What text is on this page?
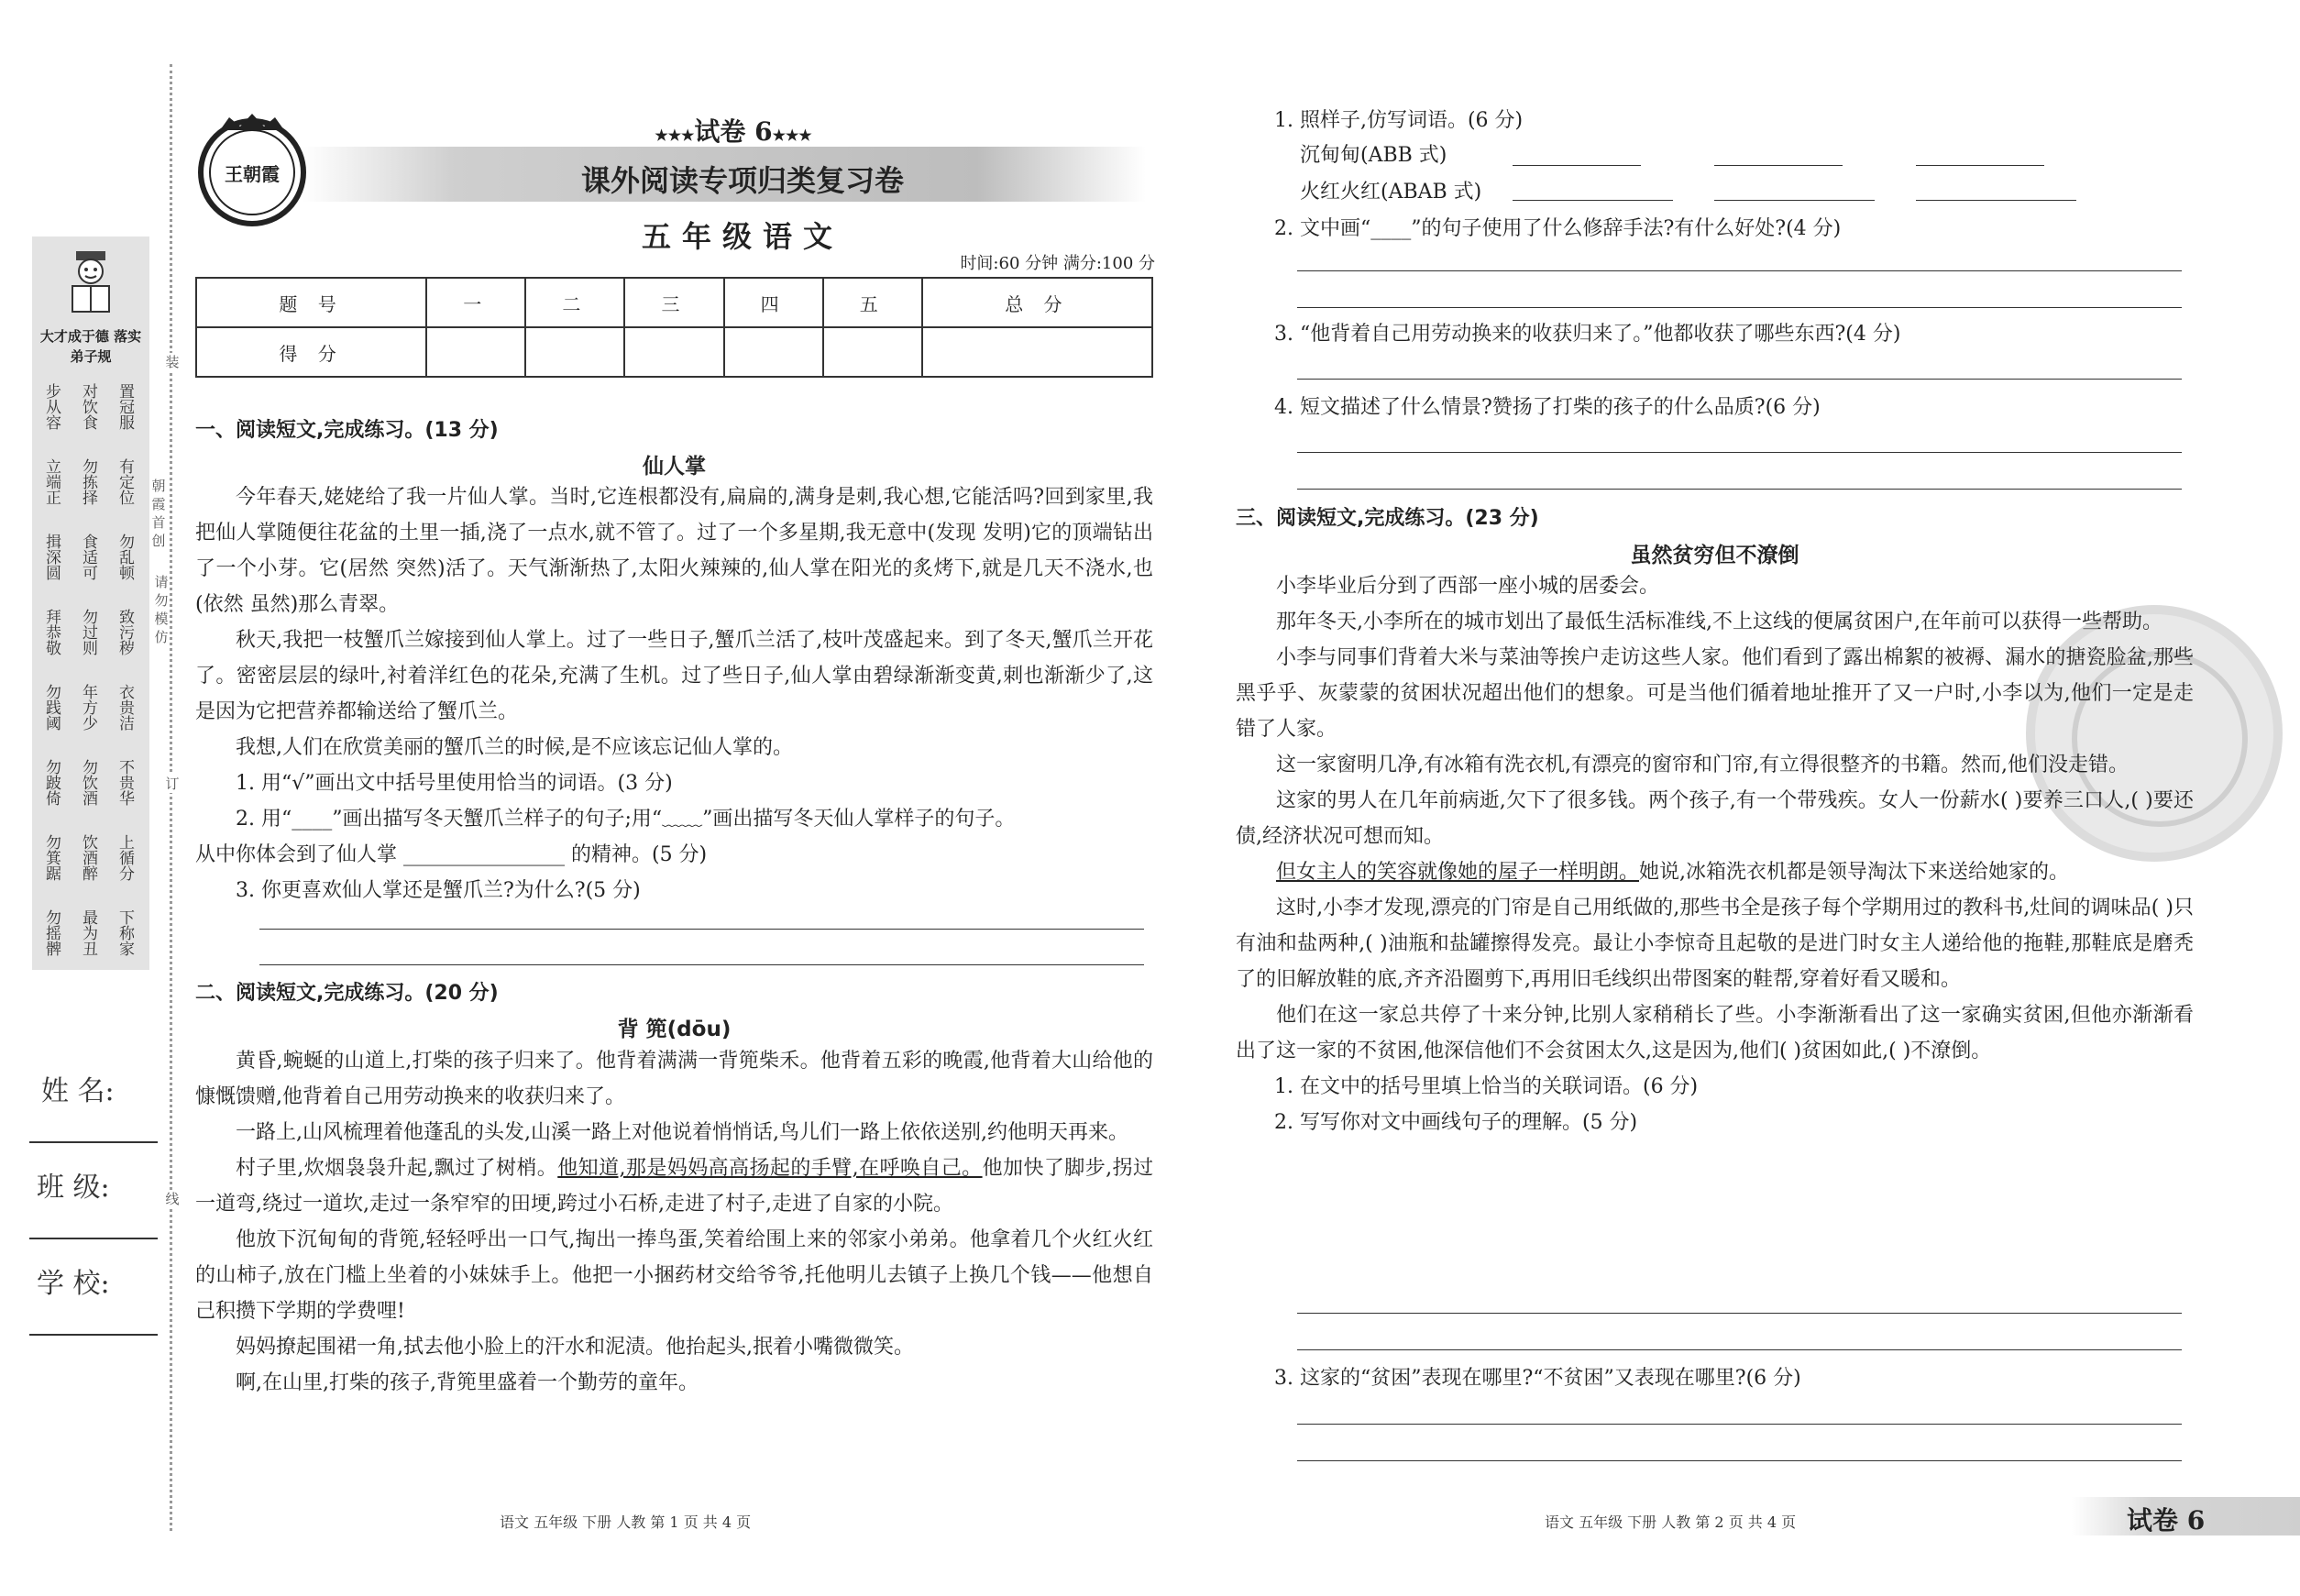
大才成于德 落实弟子规
步从容 对饮食 置冠服
立端正 勿拣择 有定位
揖深圆 食适可 勿乱顿
拜恭敬 勿过则 致污秽
勿践阈 年方少 衣贵洁
勿跛倚 勿饮酒 不贵华
勿箕踞 饮酒醉 上循分
勿摇髀 最为丑 下称家
朝霞首创
请勿模仿
装
订
线
姓 名:
班 级:
学 校:
王朝霞
★★★试卷 6★★★
课外阅读专项归类复习卷
五年级语文
时间:60 分钟 满分:100 分
题 号	一	二	三	四	五	总 分
得 分						
一、阅读短文,完成练习。(13 分)
仙人掌

今年春天,姥姥给了我一片仙人掌。当时,它连根都没有,扁扁的,满身是刺,我心想,它能活吗?回到家里,我把仙人掌随便往花盆的土里一插,浇了一点水,就不管了。过了一个多星期,我无意中(发现 发明)它的顶端钻出了一个小芽。它(居然 突然)活了。天气渐渐热了,太阳火辣辣的,仙人掌在阳光的炙烤下,就是几天不浇水,也(依然 虽然)那么青翠。

秋天,我把一枝蟹爪兰嫁接到仙人掌上。过了一些日子,蟹爪兰活了,枝叶茂盛起来。到了冬天,蟹爪兰开花了。密密层层的绿叶,衬着洋红色的花朵,充满了生机。过了些日子,仙人掌由碧绿渐渐变黄,刺也渐渐少了,这是因为它把营养都输送给了蟹爪兰。

我想,人们在欣赏美丽的蟹爪兰的时候,是不应该忘记仙人掌的。

1. 用“√”画出文中括号里使用恰当的词语。(3 分)
2. 用“____”画出描写冬天蟹爪兰样子的句子;用“﹏﹏”画出描写冬天仙人掌样子的句子。
从中你体会到了仙人掌 ________________ 的精神。(5 分)
3. 你更喜欢仙人掌还是蟹爪兰?为什么?(5 分)
二、阅读短文,完成练习。(20 分)
背 篼(dōu)

黄昏,蜿蜒的山道上,打柴的孩子归来了。他背着满满一背篼柴禾。他背着五彩的晚霞,他背着大山给他的慷慨馈赠,他背着自己用劳动换来的收获归来了。

一路上,山风梳理着他蓬乱的头发,山溪一路上对他说着悄悄话,鸟儿们一路上依依送别,约他明天再来。

村子里,炊烟袅袅升起,飘过了树梢。他知道,那是妈妈高高扬起的手臂,在呼唤自己。他加快了脚步,拐过一道弯,绕过一道坎,走过一条窄窄的田埂,跨过小石桥,走进了村子,走进了自家的小院。

他放下沉甸甸的背篼,轻轻呼出一口气,掏出一捧鸟蛋,笑着给围上来的邻家小弟弟。他拿着几个火红火红的山柿子,放在门槛上坐着的小妹妹手上。他把一小捆药材交给爷爷,托他明儿去镇子上换几个钱——他想自己积攒下学期的学费哩!

妈妈撩起围裙一角,拭去他小脸上的汗水和泥渍。他抬起头,抿着小嘴微微笑。

啊,在山里,打柴的孩子,背篼里盛着一个勤劳的童年。

语文 五年级 下册 人教 第 1 页 共 4 页
1. 照样子,仿写词语。(6 分)
沉甸甸(ABB 式)
火红火红(ABAB 式)
2. 文中画“____”的句子使用了什么修辞手法?有什么好处?(4 分)
3. “他背着自己用劳动换来的收获归来了。”他都收获了哪些东西?(4 分)
4. 短文描述了什么情景?赞扬了打柴的孩子的什么品质?(6 分)
三、阅读短文,完成练习。(23 分)
虽然贫穷但不潦倒

小李毕业后分到了西部一座小城的居委会。

那年冬天,小李所在的城市划出了最低生活标准线,不上这线的便属贫困户,在年前可以获得一些帮助。

小李与同事们背着大米与菜油等挨户走访这些人家。他们看到了露出棉絮的被褥、漏水的搪瓷脸盆,那些黑乎乎、灰蒙蒙的贫困状况超出他们的想象。可是当他们循着地址推开了又一户时,小李以为,他们一定是走错了人家。

这一家窗明几净,有冰箱有洗衣机,有漂亮的窗帘和门帘,有立得很整齐的书籍。然而,他们没走错。

这家的男人在几年前病逝,欠下了很多钱。两个孩子,有一个带残疾。女人一份薪水( )要养三口人,( )要还债,经济状况可想而知。

但女主人的笑容就像她的屋子一样明朗。她说,冰箱洗衣机都是领导淘汰下来送给她家的。

这时,小李才发现,漂亮的门帘是自己用纸做的,那些书全是孩子每个学期用过的教科书,灶间的调味品( )只有油和盐两种,( )油瓶和盐罐擦得发亮。最让小李惊奇且起敬的是进门时女主人递给他的拖鞋,那鞋底是磨秃了的旧解放鞋的底,齐齐沿圈剪下,再用旧毛线织出带图案的鞋帮,穿着好看又暖和。

他们在这一家总共停了十来分钟,比别人家稍稍长了些。小李渐渐看出了这一家确实贫困,但他亦渐渐看出了这一家的不贫困,他深信他们不会贫困太久,这是因为,他们( )贫困如此,( )不潦倒。

1. 在文中的括号里填上恰当的关联词语。(6 分)
2. 写写你对文中画线句子的理解。(5 分)
3. 这家的“贫困”表现在哪里?“不贫困”又表现在哪里?(6 分)
语文 五年级 下册 人教 第 2 页 共 4 页	试卷 6
